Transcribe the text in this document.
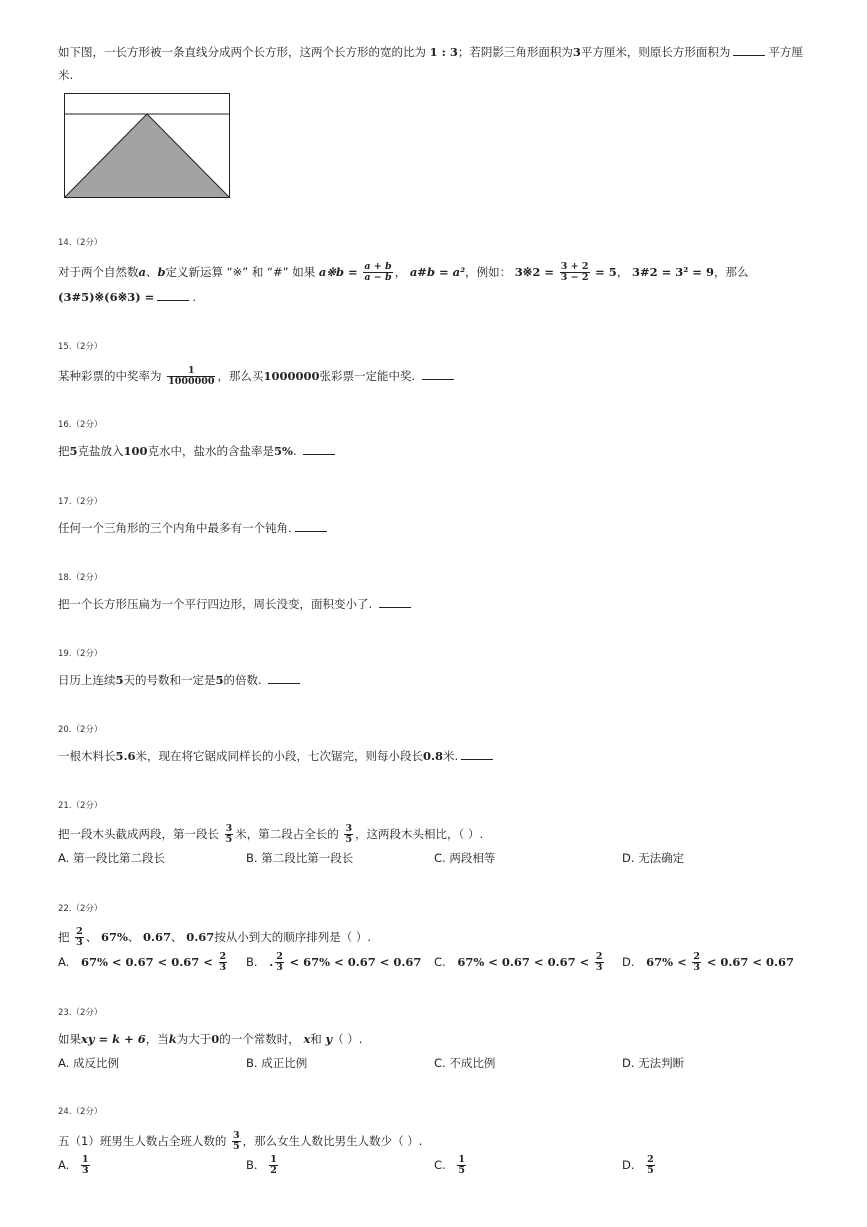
如下图，一长方形被一条直线分成两个长方形，这两个长方形的宽的比为 1 : 3；若阴影三角形面积为3平方厘米，则原长方形面积为	平方厘
米.
14.（2分）
对于两个自然数a、b定义新运算 “※” 和 “#” 如果 a※b = $\frac{a + b}{a - b}$ ， a#b = a²，例如： 3※2 = $\frac{3 + 2}{3 - 2} = 5$， 3#2 = 3² = 9，那么
(3#5)※(6※3) =	.
15.（2分）
某种彩票的中奖率为 $\frac{1}{1000000}$ ，那么买1000000张彩票一定能中奖.
16.（2分）
把5克盐放入100克水中，盐水的含盐率是5%.
17.（2分）
任何一个三角形的三个内角中最多有一个钝角.
18.（2分）
把一个长方形压扁为一个平行四边形，周长没变，面积变小了.
19.（2分）
日历上连续5天的号数和一定是5的倍数.
20.（2分）
一根木料长5.6米，现在将它锯成同样长的小段，七次锯完，则每小段长0.8米.
21.（2分）
把一段木头截成两段，第一段长 $\frac{3}{5}$ 米，第二段占全长的 $\frac{3}{5}$ ，这两段木头相比，（ ）.
A. 第一段比第二段长	B. 第二段比第一段长	C. 两段相等	D. 无法确定
22.（2分）
把 $\frac{2}{3}$ 、 67%、 0.67、 0.67按从小到大的顺序排列是（ ）.
A. $67\% < 0.67 < 0.67 < \frac{2}{3} B$. . $\frac{2}{3} < 67\% < 0.67 < 0.67$ C. $67\% < 0.67 < 0.67 < \frac{2}{3} D$. $67\% < \frac{2}{3} < 0.67 < 0.67$
23.（2分）
如果xy = k + 6，当k为大于0的一个常数时， x和 y（ ）.
A. 成反比例	B. 成正比例	C. 不成比例	D. 无法判断
24.（2分）
五（1）班男生人数占全班人数的 $\frac{3}{5}$ ，那么女生人数比男生人数少（ ）.
A. $\frac{1}{3}$	B. $\frac{1}{2}$	C. $\frac{1}{5}$	D. $\frac{2}{5}$
